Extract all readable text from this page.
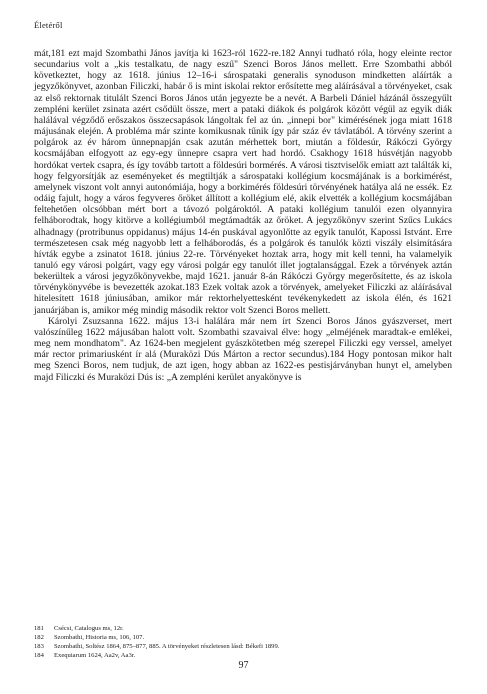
Életéről

mát,181 ezt majd Szombathi János javítja ki 1623-ról 1622-re.182 Annyi tudható róla, hogy eleinte rector secundarius volt a „kis testalkatu, de nagy eszű" Szenci Boros János mellett. Erre Szombathi abból következtet, hogy az 1618. június 12–16-i sárospataki generalis synoduson mindketten aláírták a jegyzőkönyvet, azonban Filiczki, habár ő is mint iskolai rektor erősítette meg aláírásával a törvényeket, csak az első rektornak titulált Szenci Boros János után jegyezte be a nevét. A Barbeli Dániel házánál összegyűlt zempléni kerület zsinata azért csődült össze, mert a pataki diákok és polgárok között végül az egyik diák halálával végződő erőszakos összecsapások lángoltak fel az ún. „innepi bor" kimérésének joga miatt 1618 májusának elején. A probléma már szinte komikusnak tűnik így pár száz év távlatából. A törvény szerint a polgárok az év három ünnepnapján csak azután mérhettek bort, miután a földesúr, Rákóczi György kocsmájában elfogyott az egy-egy ünnepre csapra vert had hordó. Csakhogy 1618 húsvétján nagyobb hordókat vertek csapra, és így tovább tartott a földesúri bormérés. A városi tisztviselők emiatt azt találták ki, hogy felgyorsítják az eseményeket és megtiltják a sárospataki kollégium kocsmájának is a borkimérést, amelynek viszont volt annyi autonómiája, hogy a borkimérés földesúri törvényének hatálya alá ne essék. Ez odáig fajult, hogy a város fegyveres őröket állított a kollégium elé, akik elvették a kollégium kocsmájában feltehetően olcsóbban mért bort a távozó polgároktól. A pataki kollégium tanulói ezen olyannyira felháborodtak, hogy kitörve a kollégiumból megtámadták az őröket. A jegyzőkönyv szerint Szűcs Lukács alhadnagy (protribunus oppidanus) május 14-én puskával agyonlőtte az egyik tanulót, Kapossi Istvánt. Erre természetesen csak még nagyobb lett a felháborodás, és a polgárok és tanulók közti viszály elsimítására hívták egybe a zsinatot 1618. június 22-re. Törvényeket hoztak arra, hogy mit kell tenni, ha valamelyik tanuló egy városi polgárt, vagy egy városi polgár egy tanulót illet jogtalansággal. Ezek a törvények aztán bekerültek a városi jegyzőkönyvekbe, majd 1621. január 8-án Rákóczi György megerősítette, és az iskola törvénykönyvébe is bevezették azokat.183 Ezek voltak azok a törvények, amelyeket Filiczki az aláírásával hitelesített 1618 júniusában, amikor már rektorhelyettesként tevékenykedett az iskola élén, és 1621 januárjában is, amikor még mindig második rektor volt Szenci Boros mellett.

Károlyi Zsuzsanna 1622. május 13-i halálára már nem írt Szenci Boros János gyászverset, mert valószínűleg 1622 májusában halott volt. Szombathi szavaival élve: hogy „elméjének maradtak-e emlékei, meg nem mondhatom". Az 1624-ben megjelent gyászkötetben még szerepel Filiczki egy verssel, amelyet már rector primariusként ír alá (Muraközi Dús Márton a rector secundus).184 Hogy pontosan mikor halt meg Szenci Boros, nem tudjuk, de azt igen, hogy abban az 1622-es pestisjárványban hunyt el, amelyben majd Filiczki és Muraközi Dús is: „A zempléni kerület anyakönyve is

181 Csécsi, Catalogus ms, 12r.
182 Szombathi, Historia ms, 106, 107.
183 Szombathi, Soltész 1864, 875–877, 885. A törvényeket részletesen lásd: Békefi 1899.
184 Exequiarum 1624, Aa2v, Aa3r.
97
